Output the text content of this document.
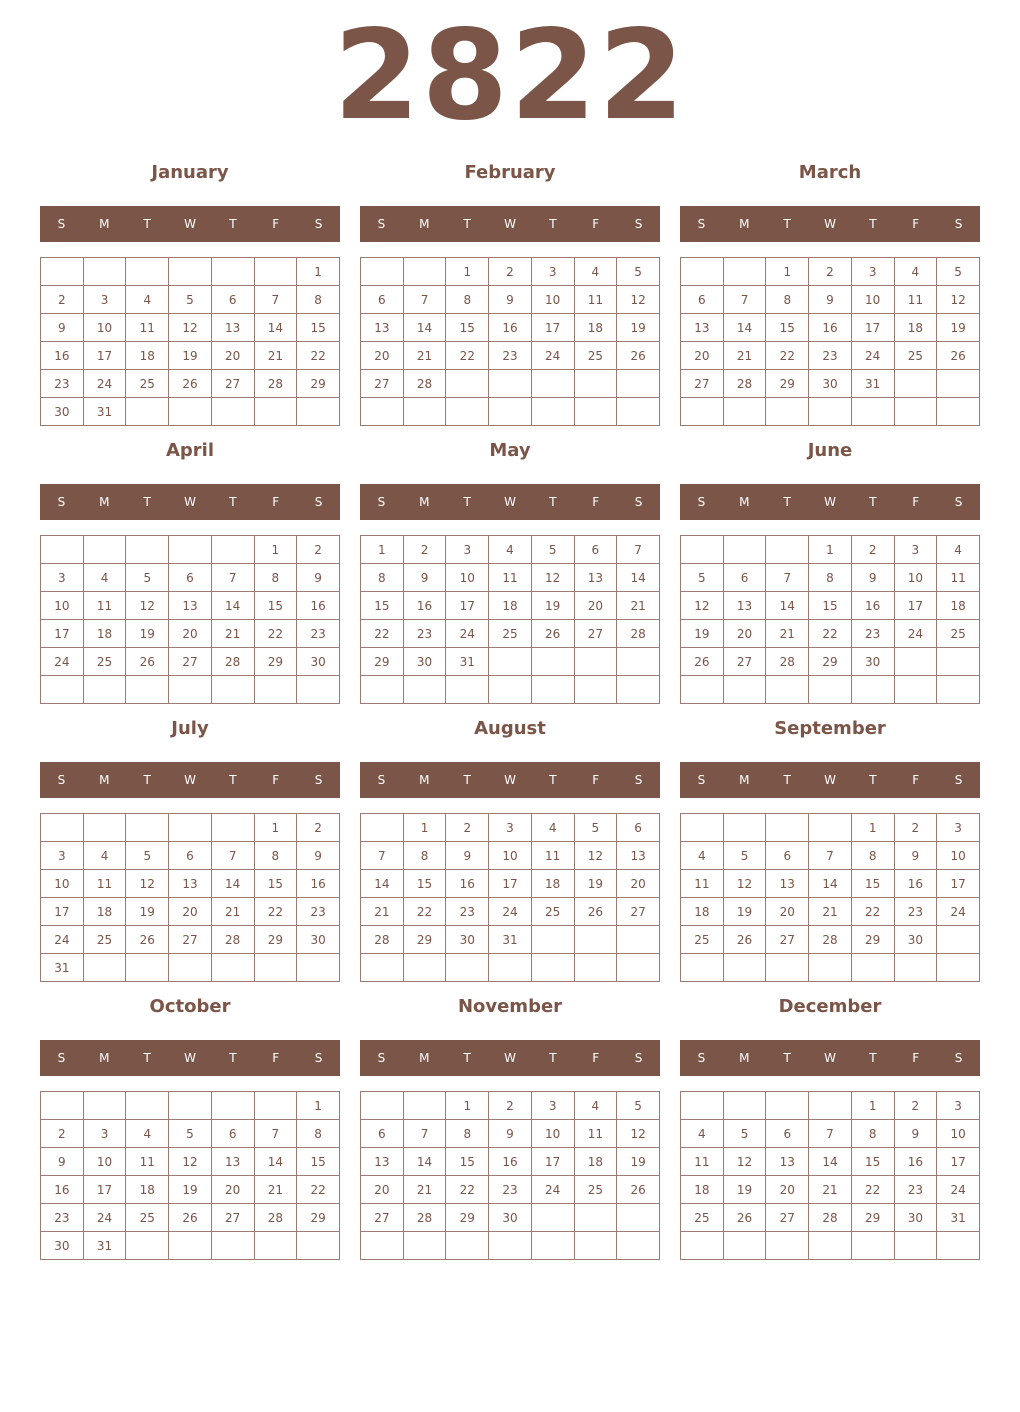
2822
January
S	M	T	W	T	F	S
						1
2	3	4	5	6	7	8
9	10	11	12	13	14	15
16	17	18	19	20	21	22
23	24	25	26	27	28	29
30	31					
February
S	M	T	W	T	F	S
		1	2	3	4	5
6	7	8	9	10	11	12
13	14	15	16	17	18	19
20	21	22	23	24	25	26
27	28					

March
S	M	T	W	T	F	S
		1	2	3	4	5
6	7	8	9	10	11	12
13	14	15	16	17	18	19
20	21	22	23	24	25	26
27	28	29	30	31		

April
S	M	T	W	T	F	S
					1	2
3	4	5	6	7	8	9
10	11	12	13	14	15	16
17	18	19	20	21	22	23
24	25	26	27	28	29	30

May
S	M	T	W	T	F	S
1	2	3	4	5	6	7
8	9	10	11	12	13	14
15	16	17	18	19	20	21
22	23	24	25	26	27	28
29	30	31				

June
S	M	T	W	T	F	S
			1	2	3	4
5	6	7	8	9	10	11
12	13	14	15	16	17	18
19	20	21	22	23	24	25
26	27	28	29	30		

July
S	M	T	W	T	F	S
					1	2
3	4	5	6	7	8	9
10	11	12	13	14	15	16
17	18	19	20	21	22	23
24	25	26	27	28	29	30
31						
August
S	M	T	W	T	F	S
	1	2	3	4	5	6
7	8	9	10	11	12	13
14	15	16	17	18	19	20
21	22	23	24	25	26	27
28	29	30	31			

September
S	M	T	W	T	F	S
				1	2	3
4	5	6	7	8	9	10
11	12	13	14	15	16	17
18	19	20	21	22	23	24
25	26	27	28	29	30	

October
S	M	T	W	T	F	S
						1
2	3	4	5	6	7	8
9	10	11	12	13	14	15
16	17	18	19	20	21	22
23	24	25	26	27	28	29
30	31					
November
S	M	T	W	T	F	S
		1	2	3	4	5
6	7	8	9	10	11	12
13	14	15	16	17	18	19
20	21	22	23	24	25	26
27	28	29	30			

December
S	M	T	W	T	F	S
				1	2	3
4	5	6	7	8	9	10
11	12	13	14	15	16	17
18	19	20	21	22	23	24
25	26	27	28	29	30	31
